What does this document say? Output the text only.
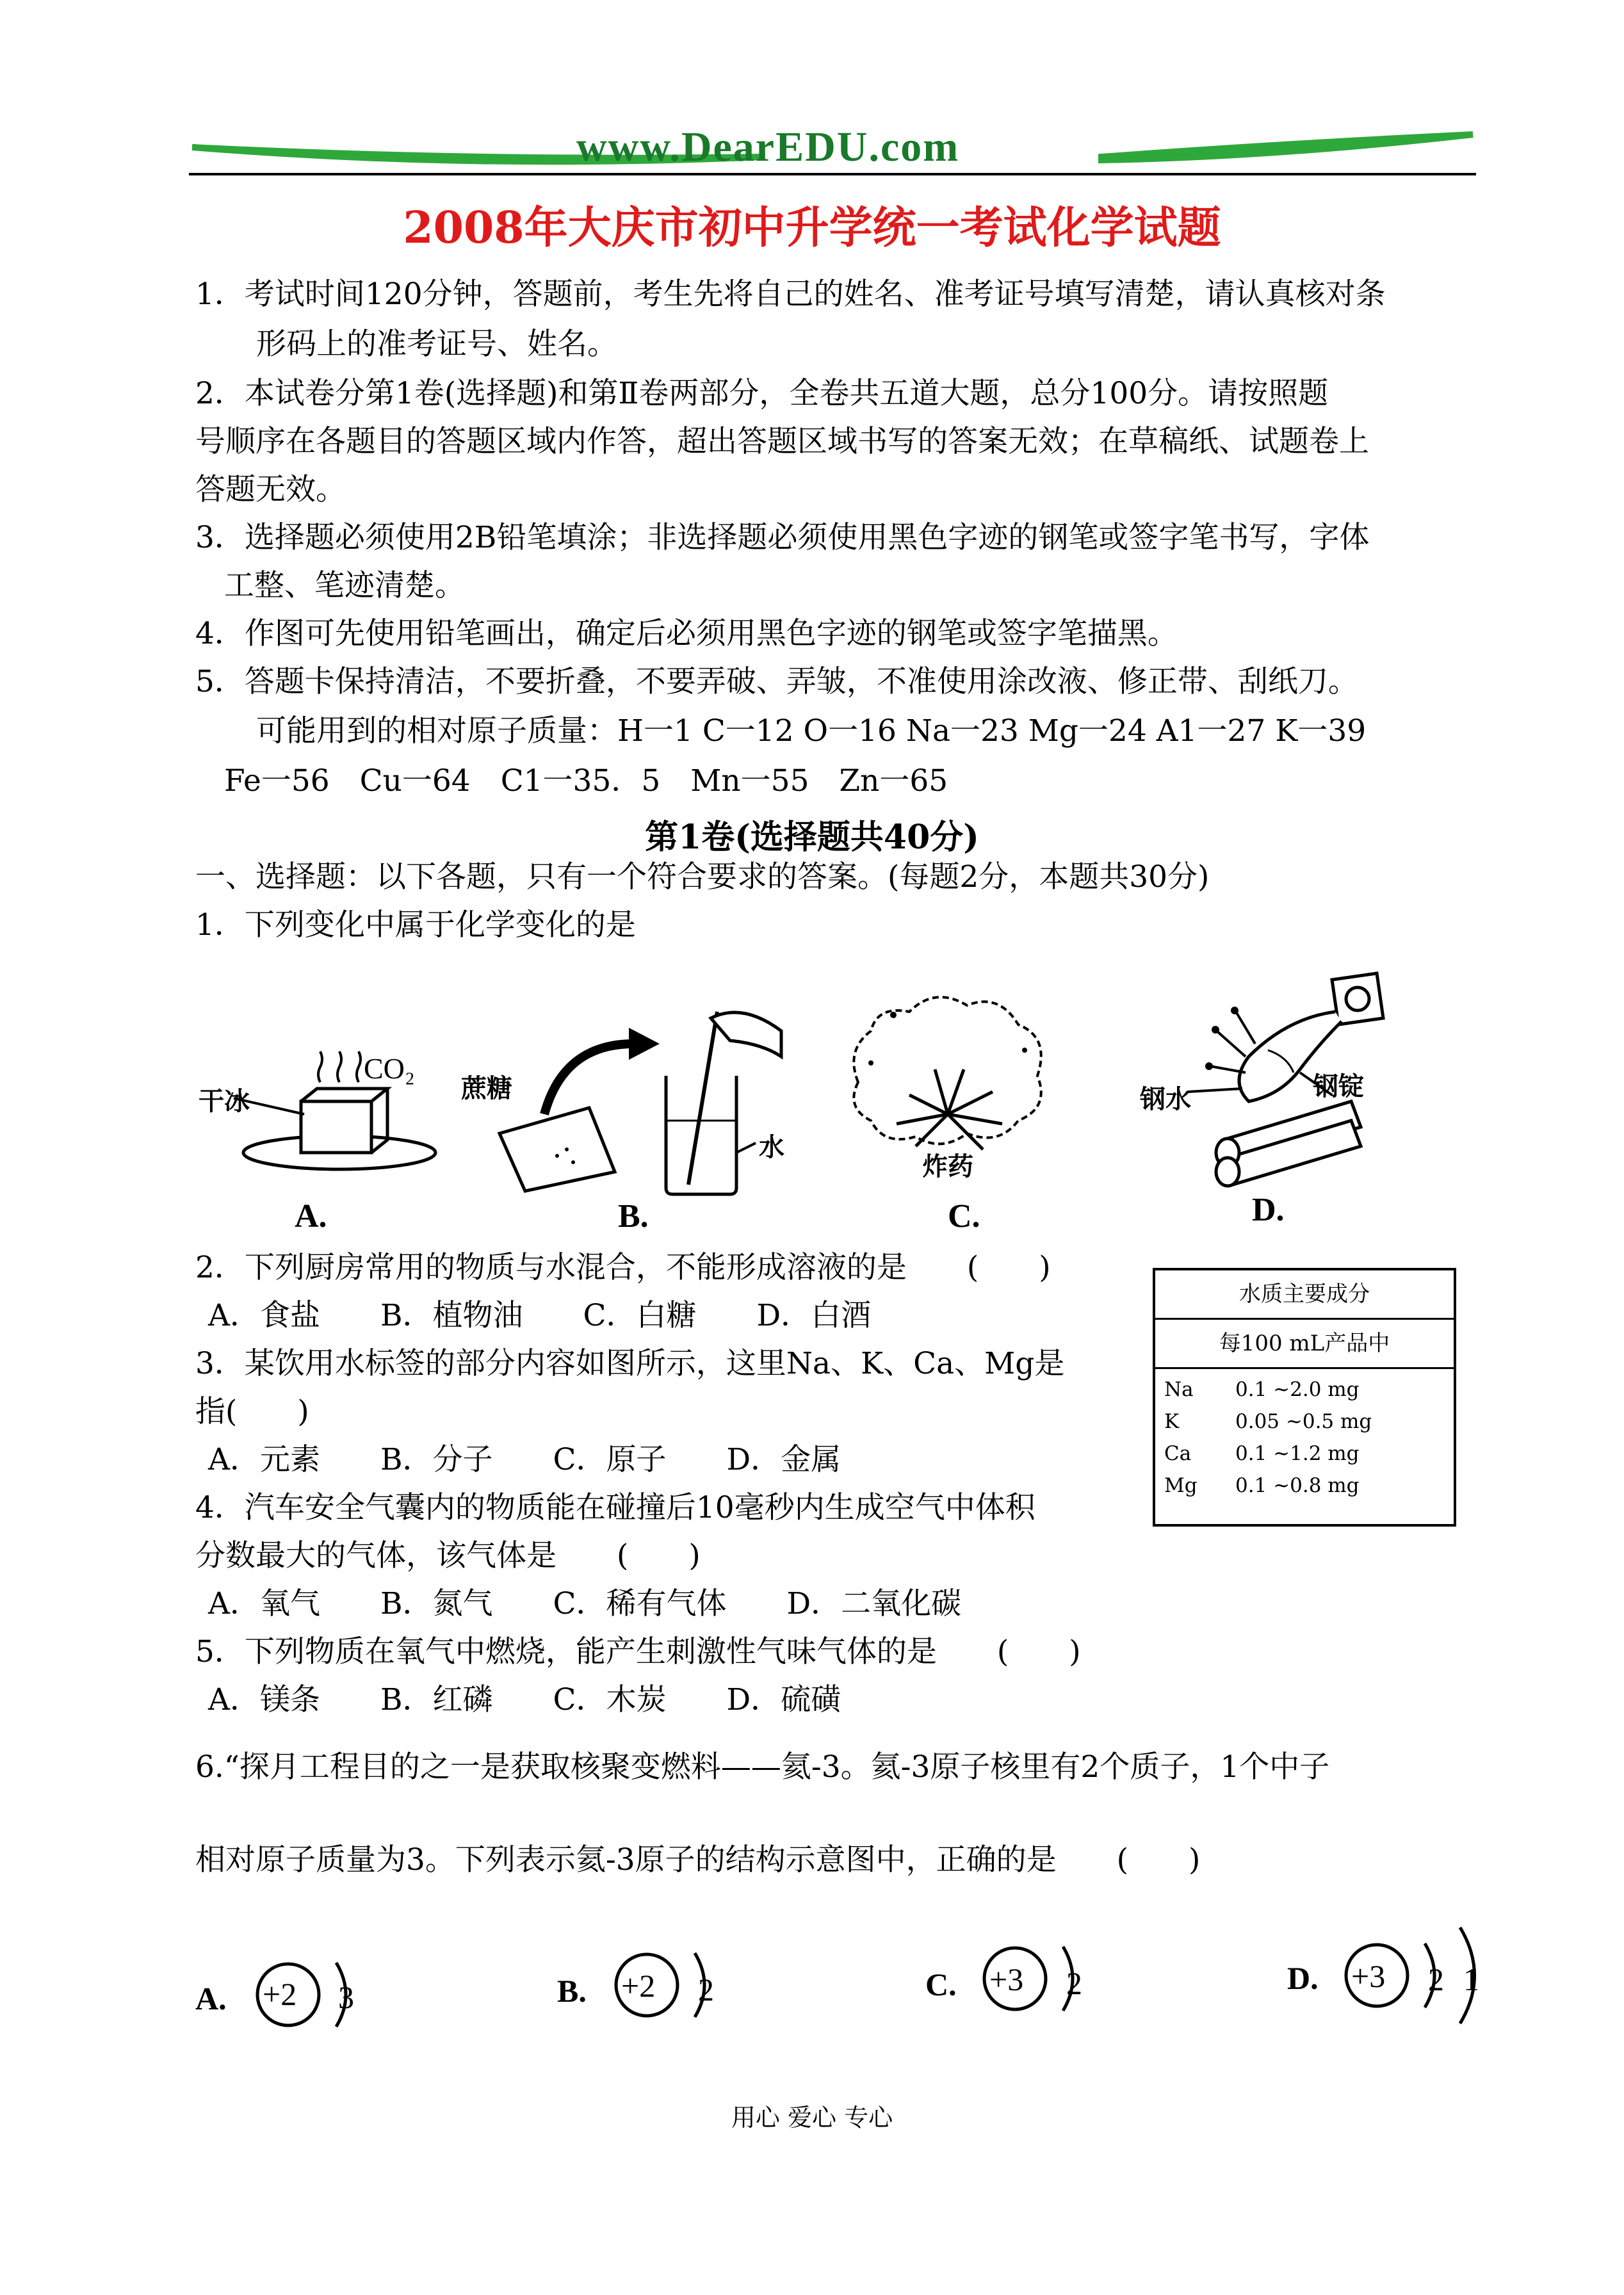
www.DearEDU.com
2008年大庆市初中升学统一考试化学试题
1．考试时间120分钟，答题前，考生先将自己的姓名、准考证号填写清楚，请认真核对条
形码上的准考证号、姓名。
2．本试卷分第1卷(选择题)和第Ⅱ卷两部分，全卷共五道大题，总分100分。请按照题
号顺序在各题目的答题区域内作答，超出答题区域书写的答案无效；在草稿纸、试题卷上
答题无效。
3．选择题必须使用2B铅笔填涂；非选择题必须使用黑色字迹的钢笔或签字笔书写，字体
工整、笔迹清楚。
4．作图可先使用铅笔画出，确定后必须用黑色字迹的钢笔或签字笔描黑。
5．答题卡保持清洁，不要折叠，不要弄破、弄皱，不准使用涂改液、修正带、刮纸刀。
可能用到的相对原子质量：H一1 C一12 O一16 Na一23 Mg一24 A1一27 K一39
Fe一56　Cu一64　C1一35．5　Mn一55　Zn一65
第1卷(选择题共40分)
一、选择题：以下各题，只有一个符合要求的答案。(每题2分，本题共30分)
1．下列变化中属于化学变化的是
干冰
CO₂
A.
蔗糖
水
B.
炸药
C.
钢水	钢锭
D.
2．下列厨房常用的物质与水混合，不能形成溶液的是　　(　　)
A．食盐　　B．植物油　　C．白糖　　D．白酒
3．某饮用水标签的部分内容如图所示，这里Na、K、Ca、Mg是
指(　　)
A．元素　　B．分子　　C．原子　　D．金属
水质主要成分
每100 mL产品中
Na 0.1 ~2.0 mg
K	0.05 ~0.5 mg
Ca 0.1 ~1.2 mg
Mg 0.1 ~0.8 mg
4．汽车安全气囊内的物质能在碰撞后10毫秒内生成空气中体积
分数最大的气体，该气体是　　(　　)
A．氧气　　B．氮气　　C．稀有气体　　D．二氧化碳
5．下列物质在氧气中燃烧，能产生刺激性气味气体的是　　(　　)
A．镁条　　B．红磷　　C．木炭　　D．硫磺
6.“探月工程目的之一是获取核聚变燃料——氦-3。氦-3原子核里有2个质子，1个中子
相对原子质量为3。下列表示氦-3原子的结构示意图中，正确的是　　(　　)
A. +2 3	B. +2 2	C. +3 2	D. +3 2 1
用心 爱心 专心
